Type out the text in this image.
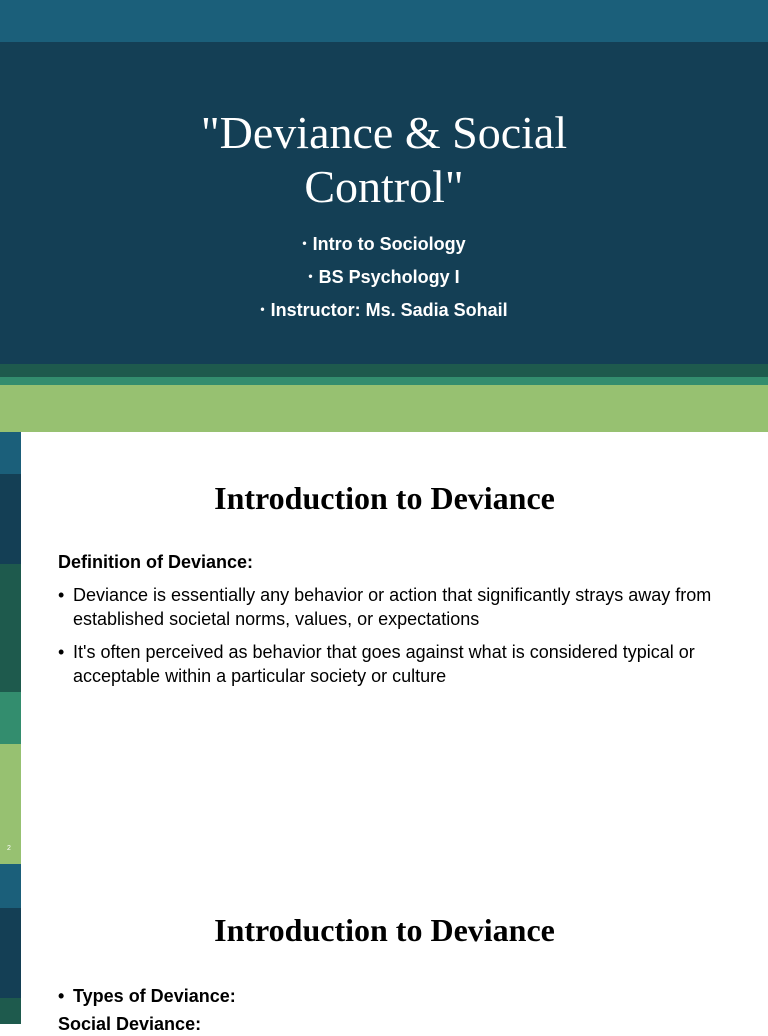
"Deviance & Social
Control"
• Intro to Sociology
• BS Psychology I
• Instructor: Ms. Sadia Sohail
2
Introduction to Deviance
Definition of Deviance:
• Deviance is essentially any behavior or action that significantly strays away from established societal norms, values, or expectations
• It's often perceived as behavior that goes against what is considered typical or acceptable within a particular society or culture
Introduction to Deviance
• Types of Deviance:
Social Deviance:
